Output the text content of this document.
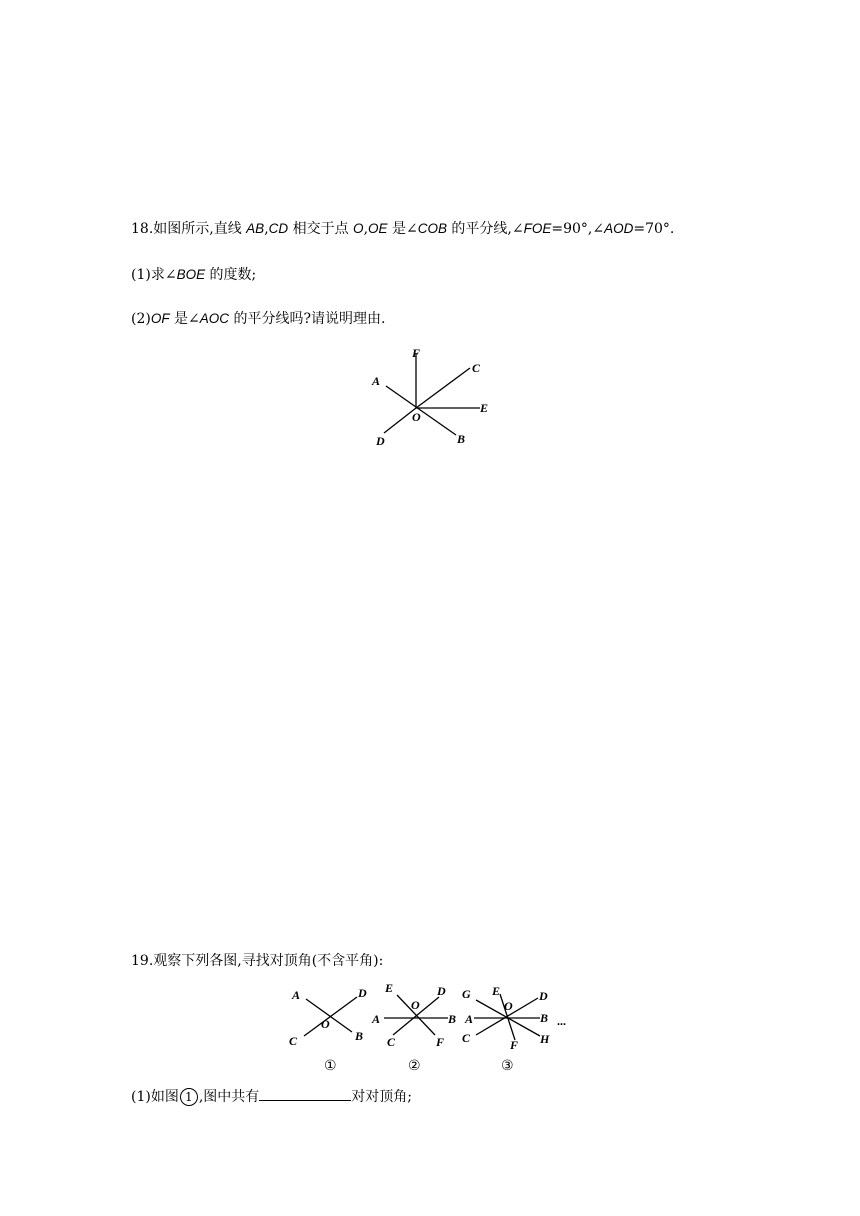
18.如图所示,直线 AB,CD 相交于点 O,OE 是∠COB 的平分线,∠FOE=90°,∠AOD=70°.
(1)求∠BOE 的度数;
(2)OF 是∠AOC 的平分线吗?请说明理由.
F
C
A
E
O
D	B
19.观察下列各图,寻找对顶角(不含平角):
A	D
O
B
C
①
E	D
O
A	B
C	F
②
G E
O
D
A	B
C	H
F
...
③
(1)如图 1 ,图中共有	对对顶角;
